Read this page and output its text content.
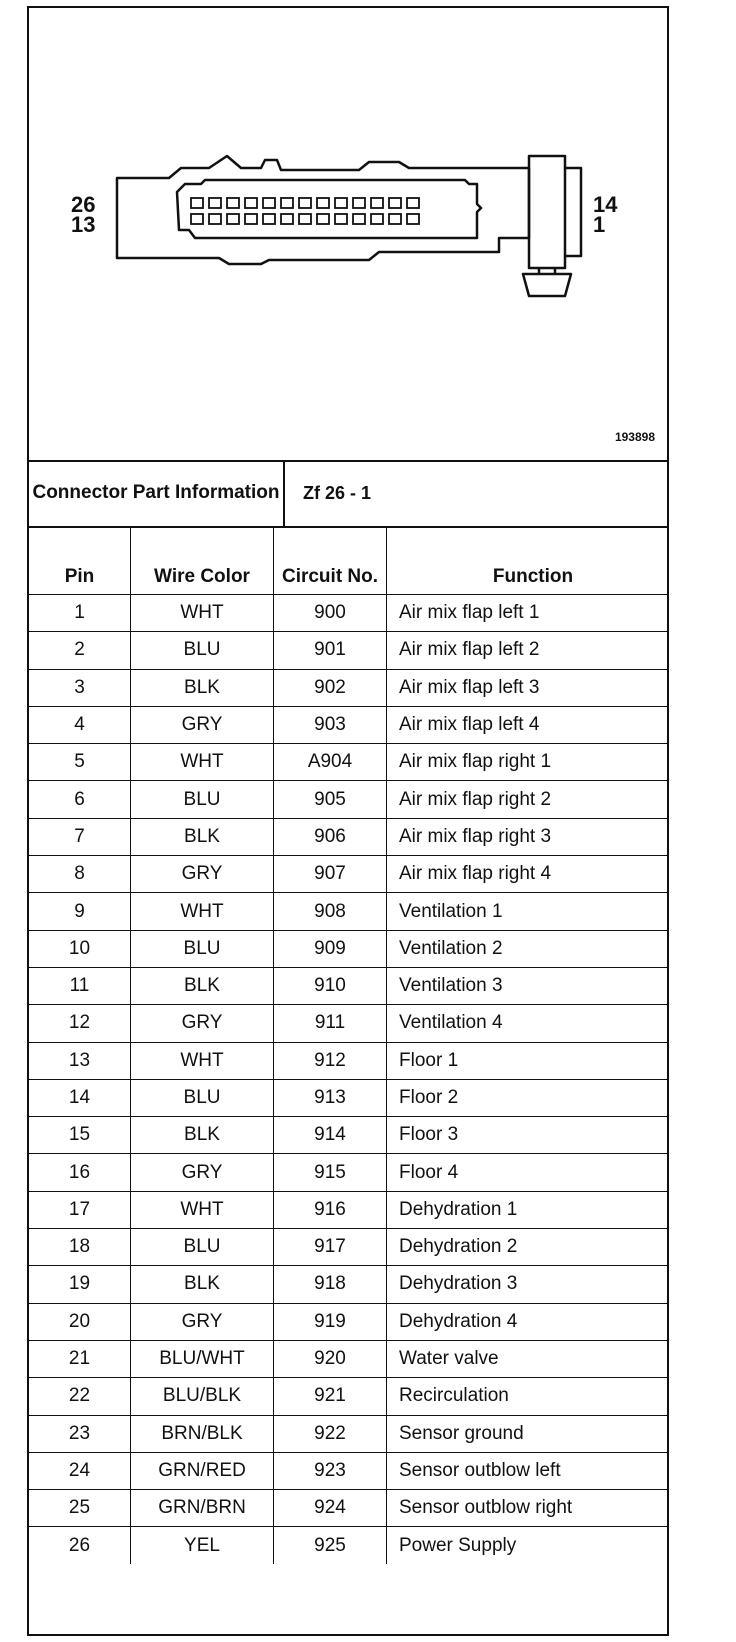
26
13
14
1
193898
Connector Part Information	Zf 26 - 1
Pin	Wire Color	Circuit No.	Function
1	WHT	900	Air mix flap left 1
2	BLU	901	Air mix flap left 2
3	BLK	902	Air mix flap left 3
4	GRY	903	Air mix flap left 4
5	WHT	A904	Air mix flap right 1
6	BLU	905	Air mix flap right 2
7	BLK	906	Air mix flap right 3
8	GRY	907	Air mix flap right 4
9	WHT	908	Ventilation 1
10	BLU	909	Ventilation 2
11	BLK	910	Ventilation 3
12	GRY	911	Ventilation 4
13	WHT	912	Floor 1
14	BLU	913	Floor 2
15	BLK	914	Floor 3
16	GRY	915	Floor 4
17	WHT	916	Dehydration 1
18	BLU	917	Dehydration 2
19	BLK	918	Dehydration 3
20	GRY	919	Dehydration 4
21	BLU/WHT	920	Water valve
22	BLU/BLK	921	Recirculation
23	BRN/BLK	922	Sensor ground
24	GRN/RED	923	Sensor outblow left
25	GRN/BRN	924	Sensor outblow right
26	YEL	925	Power Supply
